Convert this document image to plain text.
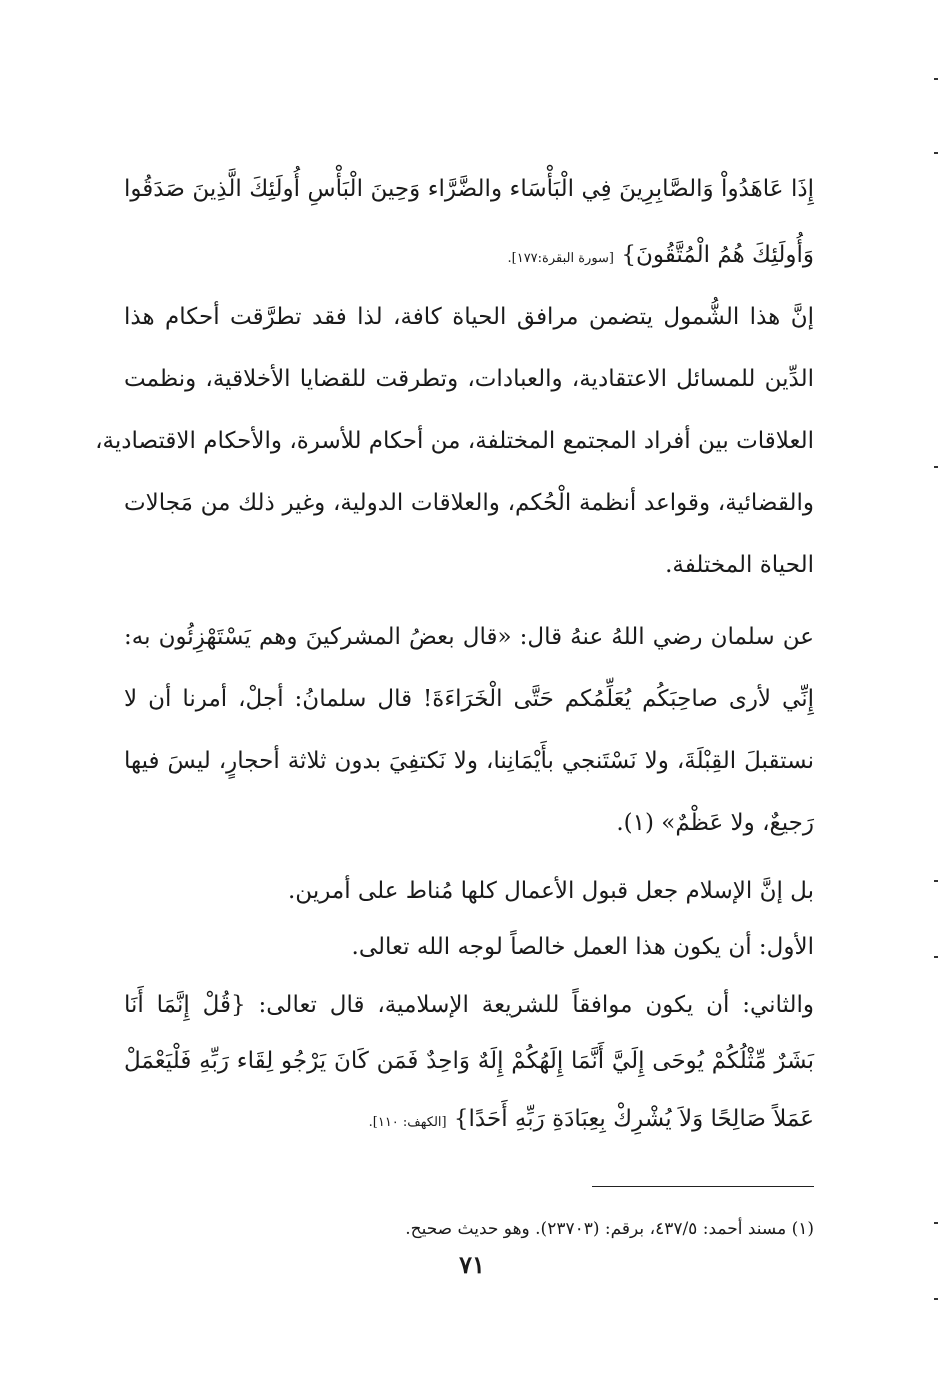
إِذَا عَاهَدُواْ وَالصَّابِرِينَ فِي الْبَأْسَاء والضَّرَّاء وَحِينَ الْبَأْسِ أُولَئِكَ الَّذِينَ صَدَقُوا
وَأُولَئِكَ هُمُ الْمُتَّقُونَ} [سورة البقرة:١٧٧].
إنَّ هذا الشُّمول يتضمن مرافق الحياة كافة، لذا فقد تطرَّقت أحكام هذا
الدِّين للمسائل الاعتقادية، والعبادات، وتطرقت للقضايا الأخلاقية، ونظمت
العلاقات بين أفراد المجتمع المختلفة، من أحكام للأسرة، والأحكام الاقتصادية،
والقضائية، وقواعد أنظمة الْحُكم، والعلاقات الدولية، وغير ذلك من مَجالات
الحياة المختلفة.
عن سلمان رضي اللهُ عنهُ قال: «قال بعضُ المشركينَ وهم يَسْتَهْزِئُون به:
إِنِّي لأرى صاحِبَكُم يُعَلِّمُكم حَتَّى الْخَرَاءَةَ! قال سلمانُ: أجلْ، أمرنا أن لا
نستقبلَ القِبْلَةَ، ولا نَسْتَنجي بأَيْمَانِنا، ولا نَكتفِيَ بدون ثلاثة أحجارٍ، ليسَ فيها
رَجيعٌ، ولا عَظْمٌ» (١).
بل إنَّ الإسلام جعل قبول الأعمال كلها مُناط على أمرين.
الأول: أن يكون هذا العمل خالصاً لوجه الله تعالى.
والثاني: أن يكون موافقاً للشريعة الإسلامية، قال تعالى: {قُلْ إِنَّمَا أَنَا
بَشَرٌ مِّثْلُكُمْ يُوحَى إِلَيَّ أَنَّمَا إِلَهُكُمْ إِلَهٌ وَاحِدٌ فَمَن كَانَ يَرْجُو لِقَاء رَبِّهِ فَلْيَعْمَلْ
عَمَلاً صَالِحًا وَلاَ يُشْرِكْ بِعِبَادَةِ رَبِّهِ أَحَدًا} [الكهف: ١١٠].
(١) مسند أحمد: ٤٣٧/٥، برقم: (٢٣٧٠٣). وهو حديث صحيح.
٧١
